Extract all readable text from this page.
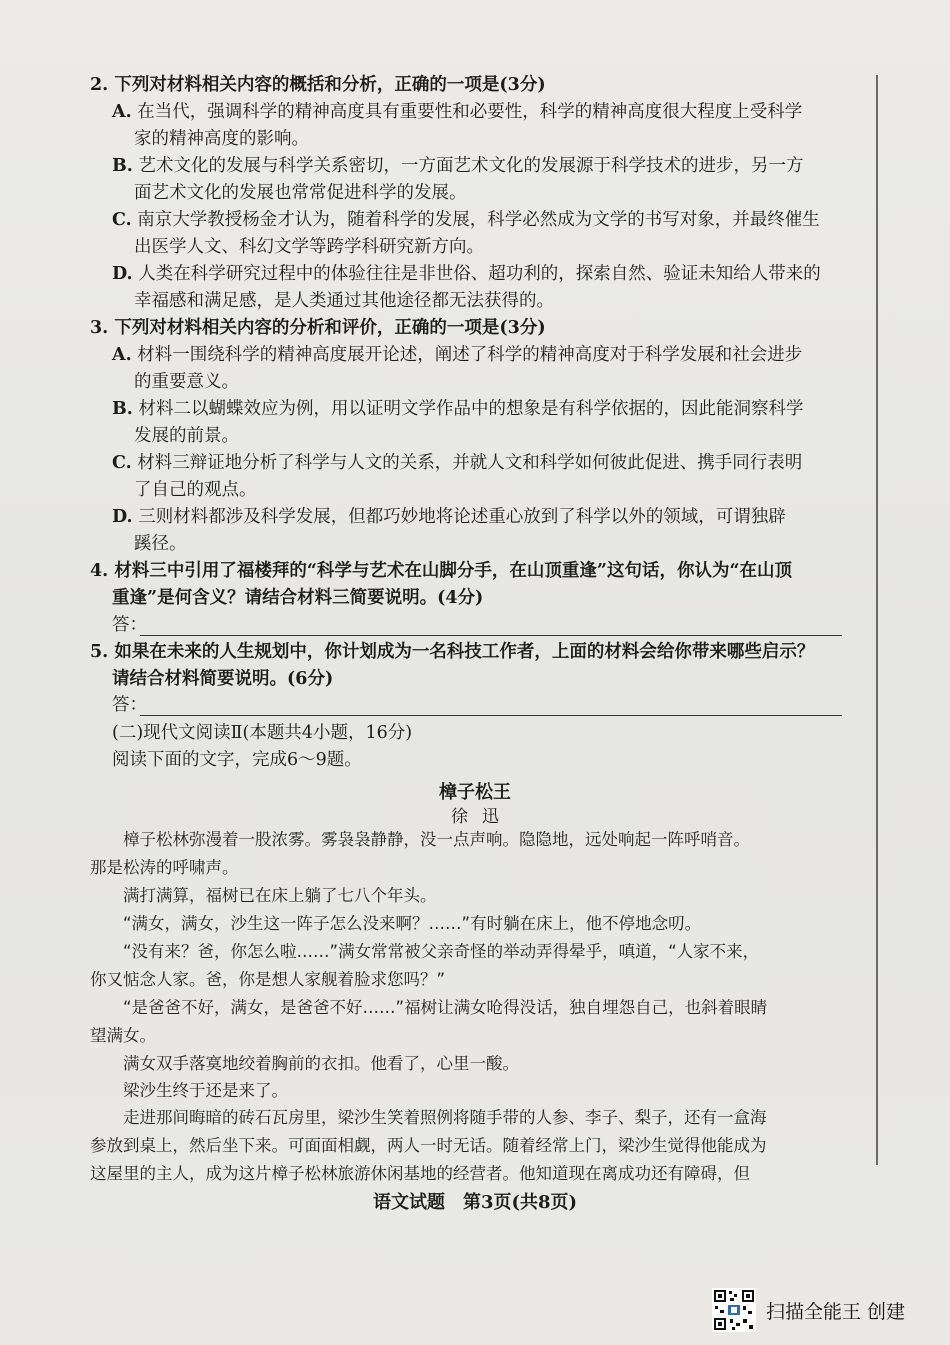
2. 下列对材料相关内容的概括和分析，正确的一项是(3分)
A. 在当代，强调科学的精神高度具有重要性和必要性，科学的精神高度很大程度上受科学
家的精神高度的影响。
B. 艺术文化的发展与科学关系密切，一方面艺术文化的发展源于科学技术的进步，另一方
面艺术文化的发展也常常促进科学的发展。
C. 南京大学教授杨金才认为，随着科学的发展，科学必然成为文学的书写对象，并最终催生
出医学人文、科幻文学等跨学科研究新方向。
D. 人类在科学研究过程中的体验往往是非世俗、超功利的，探索自然、验证未知给人带来的
幸福感和满足感，是人类通过其他途径都无法获得的。
3. 下列对材料相关内容的分析和评价，正确的一项是(3分)
A. 材料一围绕科学的精神高度展开论述，阐述了科学的精神高度对于科学发展和社会进步
的重要意义。
B. 材料二以蝴蝶效应为例，用以证明文学作品中的想象是有科学依据的，因此能洞察科学
发展的前景。
C. 材料三辩证地分析了科学与人文的关系，并就人文和科学如何彼此促进、携手同行表明
了自己的观点。
D. 三则材料都涉及科学发展，但都巧妙地将论述重心放到了科学以外的领域，可谓独辟
蹊径。
4. 材料三中引用了福楼拜的“科学与艺术在山脚分手，在山顶重逢”这句话，你认为“在山顶
重逢”是何含义？请结合材料三简要说明。(4分)
答：
5. 如果在未来的人生规划中，你计划成为一名科技工作者，上面的材料会给你带来哪些启示？
请结合材料简要说明。(6分)
答：
(二)现代文阅读Ⅱ(本题共4小题，16分)
阅读下面的文字，完成6～9题。
樟子松王
徐迅
樟子松林弥漫着一股浓雾。雾袅袅静静，没一点声响。隐隐地，远处响起一阵呼哨音。
那是松涛的呼啸声。
满打满算，福树已在床上躺了七八个年头。
“满女，满女，沙生这一阵子怎么没来啊？……”有时躺在床上，他不停地念叨。
“没有来？爸，你怎么啦……”满女常常被父亲奇怪的举动弄得晕乎，嗔道，“人家不来，
你又惦念人家。爸，你是想人家舰着脸求您吗？”
“是爸爸不好，满女，是爸爸不好……”福树让满女呛得没话，独自埋怨自己，也斜着眼睛
望满女。
满女双手落寞地绞着胸前的衣扣。他看了，心里一酸。
梁沙生终于还是来了。
走进那间晦暗的砖石瓦房里，梁沙生笑着照例将随手带的人参、李子、梨子，还有一盒海
参放到桌上，然后坐下来。可面面相觑，两人一时无话。随着经常上门，梁沙生觉得他能成为
这屋里的主人，成为这片樟子松林旅游休闲基地的经营者。他知道现在离成功还有障碍，但
语文试题　第3页(共8页)
扫描全能王 创建
